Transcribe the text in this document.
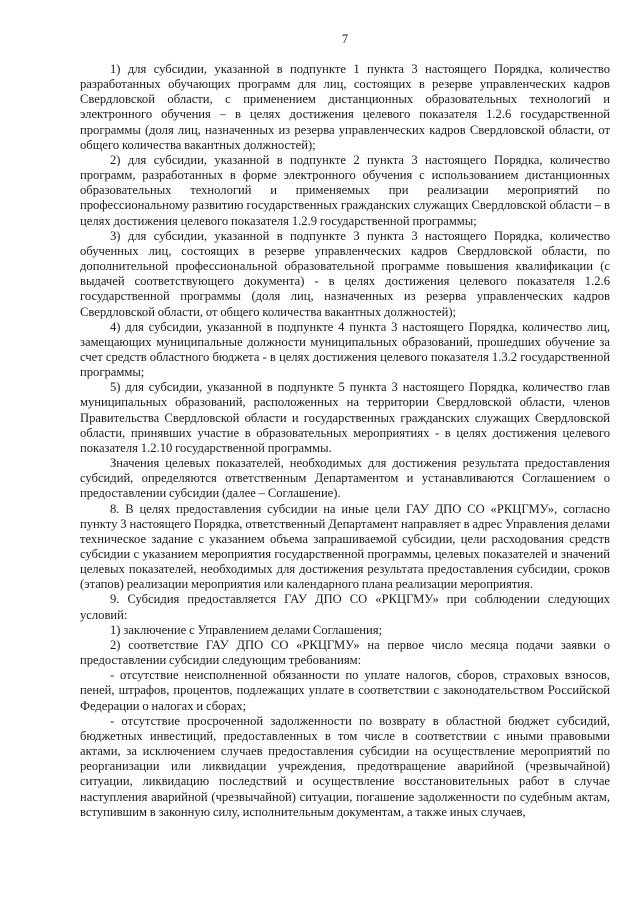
7

1) для субсидии, указанной в подпункте 1 пункта 3 настоящего Порядка, количество разработанных обучающих программ для лиц, состоящих в резерве управленческих кадров Свердловской области, с применением дистанционных образовательных технологий и электронного обучения – в целях достижения целевого показателя 1.2.6 государственной программы (доля лиц, назначенных из резерва управленческих кадров Свердловской области, от общего количества вакантных должностей);

2) для субсидии, указанной в подпункте 2 пункта 3 настоящего Порядка, количество программ, разработанных в форме электронного обучения с использованием дистанционных образовательных технологий и применяемых при реализации мероприятий по профессиональному развитию государственных гражданских служащих Свердловской области – в целях достижения целевого показателя 1.2.9 государственной программы;

3) для субсидии, указанной в подпункте 3 пункта 3 настоящего Порядка, количество обученных лиц, состоящих в резерве управленческих кадров Свердловской области, по дополнительной профессиональной образовательной программе повышения квалификации (с выдачей соответствующего документа) - в целях достижения целевого показателя 1.2.6 государственной программы (доля лиц, назначенных из резерва управленческих кадров Свердловской области, от общего количества вакантных должностей);

4) для субсидии, указанной в подпункте 4 пункта 3 настоящего Порядка, количество лиц, замещающих муниципальные должности муниципальных образований, прошедших обучение за счет средств областного бюджета - в целях достижения целевого показателя 1.3.2 государственной программы;

5) для субсидии, указанной в подпункте 5 пункта 3 настоящего Порядка, количество глав муниципальных образований, расположенных на территории Свердловской области, членов Правительства Свердловской области и государственных гражданских служащих Свердловской области, принявших участие в образовательных мероприятиях - в целях достижения целевого показателя 1.2.10 государственной программы.

Значения целевых показателей, необходимых для достижения результата предоставления субсидий, определяются ответственным Департаментом и устанавливаются Соглашением о предоставлении субсидии (далее – Соглашение).

8. В целях предоставления субсидии на иные цели ГАУ ДПО СО «РКЦГМУ», согласно пункту 3 настоящего Порядка, ответственный Департамент направляет в адрес Управления делами техническое задание с указанием объема запрашиваемой субсидии, цели расходования средств субсидии с указанием мероприятия государственной программы, целевых показателей и значений целевых показателей, необходимых для достижения результата предоставления субсидии, сроков (этапов) реализации мероприятия или календарного плана реализации мероприятия.

9. Субсидия предоставляется ГАУ ДПО СО «РКЦГМУ» при соблюдении следующих условий:

1) заключение с Управлением делами Соглашения;

2) соответствие ГАУ ДПО СО «РКЦГМУ» на первое число месяца подачи заявки о предоставлении субсидии следующим требованиям:

- отсутствие неисполненной обязанности по уплате налогов, сборов, страховых взносов, пеней, штрафов, процентов, подлежащих уплате в соответствии с законодательством Российской Федерации о налогах и сборах;

- отсутствие просроченной задолженности по возврату в областной бюджет субсидий, бюджетных инвестиций, предоставленных в том числе в соответствии с иными правовыми актами, за исключением случаев предоставления субсидии на осуществление мероприятий по реорганизации или ликвидации учреждения, предотвращение аварийной (чрезвычайной) ситуации, ликвидацию последствий и осуществление восстановительных работ в случае наступления аварийной (чрезвычайной) ситуации, погашение задолженности по судебным актам, вступившим в законную силу, исполнительным документам, а также иных случаев,
